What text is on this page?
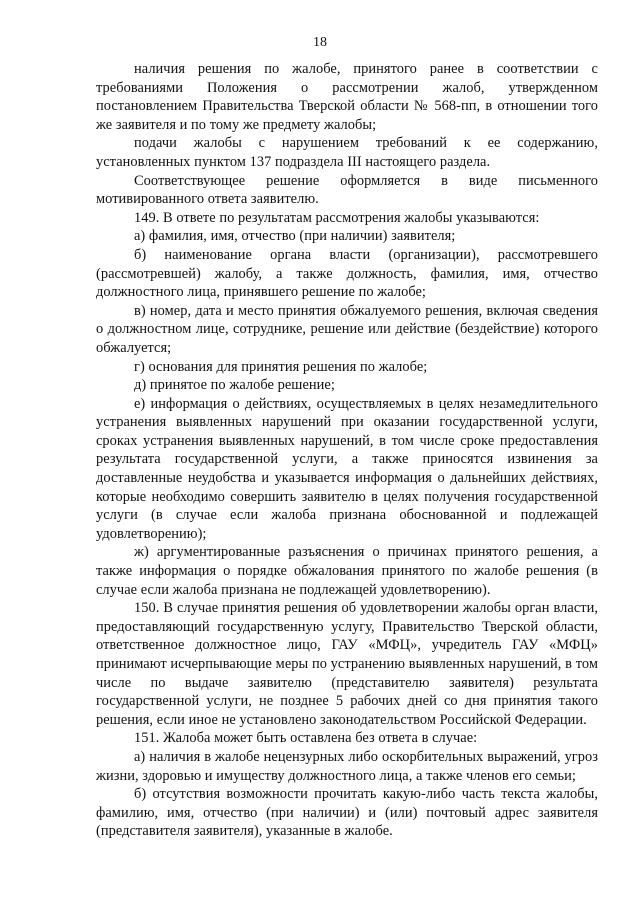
18

наличия решения по жалобе, принятого ранее в соответствии с требованиями Положения о рассмотрении жалоб, утвержденном постановлением Правительства Тверской области № 568-пп, в отношении того же заявителя и по тому же предмету жалобы;

подачи жалобы с нарушением требований к ее содержанию, установленных пунктом 137 подраздела III настоящего раздела.

Соответствующее решение оформляется в виде письменного мотивированного ответа заявителю.

149. В ответе по результатам рассмотрения жалобы указываются:

а) фамилия, имя, отчество (при наличии) заявителя;

б) наименование органа власти (организации), рассмотревшего (рассмотревшей) жалобу, а также должность, фамилия, имя, отчество должностного лица, принявшего решение по жалобе;

в) номер, дата и место принятия обжалуемого решения, включая сведения о должностном лице, сотруднике, решение или действие (бездействие) которого обжалуется;

г) основания для принятия решения по жалобе;

д) принятое по жалобе решение;

е) информация о действиях, осуществляемых в целях незамедлительного устранения выявленных нарушений при оказании государственной услуги, сроках устранения выявленных нарушений, в том числе сроке предоставления результата государственной услуги, а также приносятся извинения за доставленные неудобства и указывается информация о дальнейших действиях, которые необходимо совершить заявителю в целях получения государственной услуги (в случае если жалоба признана обоснованной и подлежащей удовлетворению);

ж) аргументированные разъяснения о причинах принятого решения, а также информация о порядке обжалования принятого по жалобе решения (в случае если жалоба признана не подлежащей удовлетворению).

150. В случае принятия решения об удовлетворении жалобы орган власти, предоставляющий государственную услугу, Правительство Тверской области, ответственное должностное лицо, ГАУ «МФЦ», учредитель ГАУ «МФЦ» принимают исчерпывающие меры по устранению выявленных нарушений, в том числе по выдаче заявителю (представителю заявителя) результата государственной услуги, не позднее 5 рабочих дней со дня принятия такого решения, если иное не установлено законодательством Российской Федерации.

151. Жалоба может быть оставлена без ответа в случае:

а) наличия в жалобе нецензурных либо оскорбительных выражений, угроз жизни, здоровью и имуществу должностного лица, а также членов его семьи;

б) отсутствия возможности прочитать какую-либо часть текста жалобы, фамилию, имя, отчество (при наличии) и (или) почтовый адрес заявителя (представителя заявителя), указанные в жалобе.
